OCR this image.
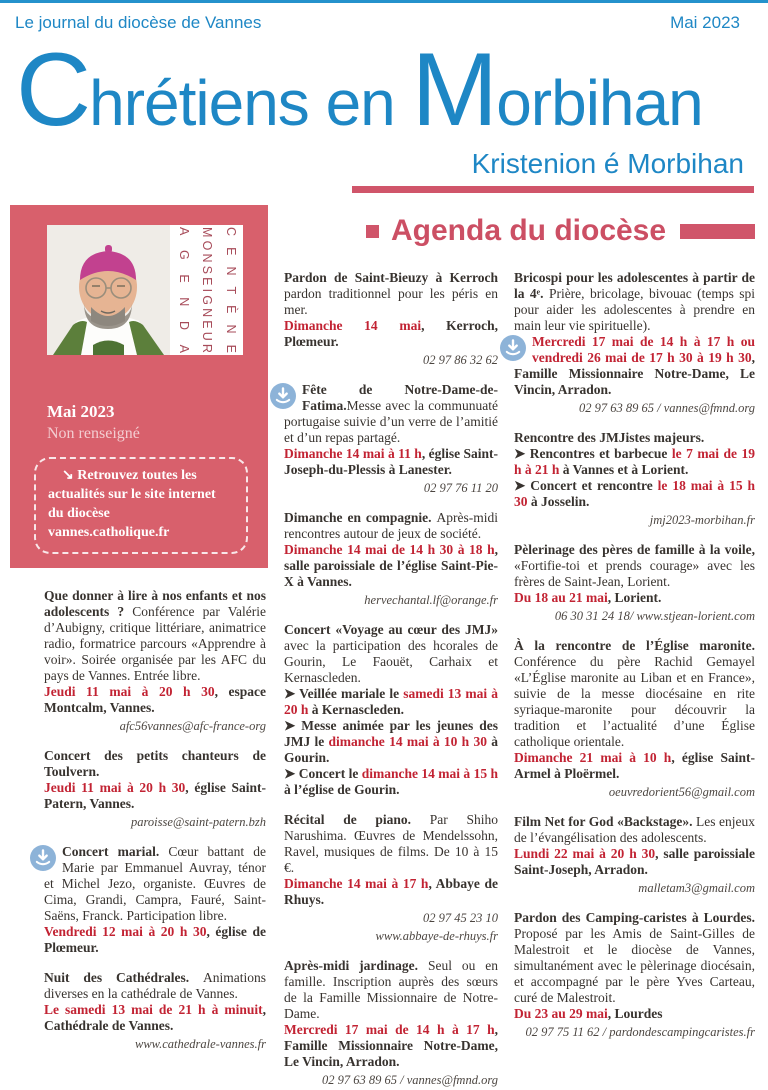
Le journal du diocèse de Vannes	Mai 2023
Chrétiens en Morbihan
Kristenion é Morbihan
Agenda du diocèse
A
G
E
N
D
A
M
O
N
S
E
I
G
N
E
U
R
C
E
N
T
È
N
E
Mai 2023
Non renseigné
↘ Retrouvez toutes les actualités sur le site internet du diocèse vannes.catholique.fr

Que donner à lire à nos enfants et nos adolescents ? Conférence par Valérie d’Aubigny, critique littériare, animatrice radio, formatrice parcours «Apprendre à voir». Soirée organisée par les AFC du pays de Vannes. Entrée libre.

Jeudi 11 mai à 20 h 30, espace Montcalm, Vannes.

afc56vannes@afc-france-org

Concert des petits chanteurs de Toulvern.

Jeudi 11 mai à 20 h 30, église Saint-Patern, Vannes.

paroisse@saint-patern.bzh

Concert marial. Cœur battant de Marie par Emmanuel Auvray, ténor et Michel Jezo, organiste. Œuvres de Cima, Grandi, Campra, Fauré, Saint-Saëns, Franck. Participation libre.

Vendredi 12 mai à 20 h 30, église de Plœmeur.

Nuit des Cathédrales. Animations diverses en la cathédrale de Vannes.

Le samedi 13 mai de 21 h à minuit, Cathédrale de Vannes.

www.cathedrale-vannes.fr

Pardon de Saint-Bieuzy à Kerroch pardon traditionnel pour les péris en mer.

Dimanche 14 mai, Kerroch, Plœmeur.

02 97 86 32 62

Fête de Notre-Dame-de-Fatima.Messe avec la communuaté portugaise suivie d’un verre de l’amitié et d’un repas partagé.

Dimanche 14 mai à 11 h, église Saint-Joseph-du-Plessis à Lanester.

02 97 76 11 20

Dimanche en compagnie. Après-midi rencontres autour de jeux de société.

Dimanche 14 mai de 14 h 30 à 18 h, salle paroissiale de l’église Saint-Pie-X à Vannes.

hervechantal.lf@orange.fr

Concert «Voyage au cœur des JMJ» avec la participation des hcorales de Gourin, Le Faouët, Carhaix et Kernascleden.

➤ Veillée mariale le samedi 13 mai à 20 h à Kernascleden.

➤ Messe animée par les jeunes des JMJ le dimanche 14 mai à 10 h 30 à Gourin.

➤ Concert le dimanche 14 mai à 15 h à l’église de Gourin.

Récital de piano. Par Shiho Narushima. Œuvres de Mendelssohn, Ravel, musiques de films. De 10 à 15 €.

Dimanche 14 mai à 17 h, Abbaye de Rhuys.

02 97 45 23 10

www.abbaye-de-rhuys.fr

Après-midi jardinage. Seul ou en famille. Inscription auprès des sœurs de la Famille Missionnaire de Notre-Dame.

Mercredi 17 mai de 14 h à 17 h, Famille Missionnaire Notre-Dame, Le Vincin, Arradon.

02 97 63 89 65 / vannes@fmnd.org

Bricospi pour les adolescentes à partir de la 4ᵉ. Prière, bricolage, bivouac (temps spi pour aider les adolescentes à prendre en main leur vie spirituelle).

Mercredi 17 mai de 14 h à 17 h ou vendredi 26 mai de 17 h 30 à 19 h 30, Famille Missionnaire Notre-Dame, Le Vincin, Arradon.

02 97 63 89 65 / vannes@fmnd.org

Rencontre des JMJistes majeurs.

➤ Rencontres et barbecue le 7 mai de 19 h à 21 h à Vannes et à Lorient.

➤ Concert et rencontre le 18 mai à 15 h 30 à Josselin.

jmj2023-morbihan.fr

Pèlerinage des pères de famille à la voile, «Fortifie-toi et prends courage» avec les frères de Saint-Jean, Lorient.

Du 18 au 21 mai, Lorient.

06 30 31 24 18/ www.stjean-lorient.com

À la rencontre de l’Église maronite. Conférence du père Rachid Gemayel «L’Église maronite au Liban et en France», suivie de la messe diocésaine en rite syriaque-maronite pour découvrir la tradition et l’actualité d’une Église catholique orientale.

Dimanche 21 mai à 10 h, église Saint-Armel à Ploërmel.

oeuvredorient56@gmail.com

Film Net for God «Backstage». Les enjeux de l’évangélisation des adolescents.

Lundi 22 mai à 20 h 30, salle paroissiale Saint-Joseph, Arradon.

malletam3@gmail.com

Pardon des Camping-caristes à Lourdes. Proposé par les Amis de Saint-Gilles de Malestroit et le diocèse de Vannes, simultanément avec le pèlerinage diocésain, et accompagné par le père Yves Carteau, curé de Malestroit.

Du 23 au 29 mai, Lourdes

02 97 75 11 62 / pardondescampingcaristes.fr
